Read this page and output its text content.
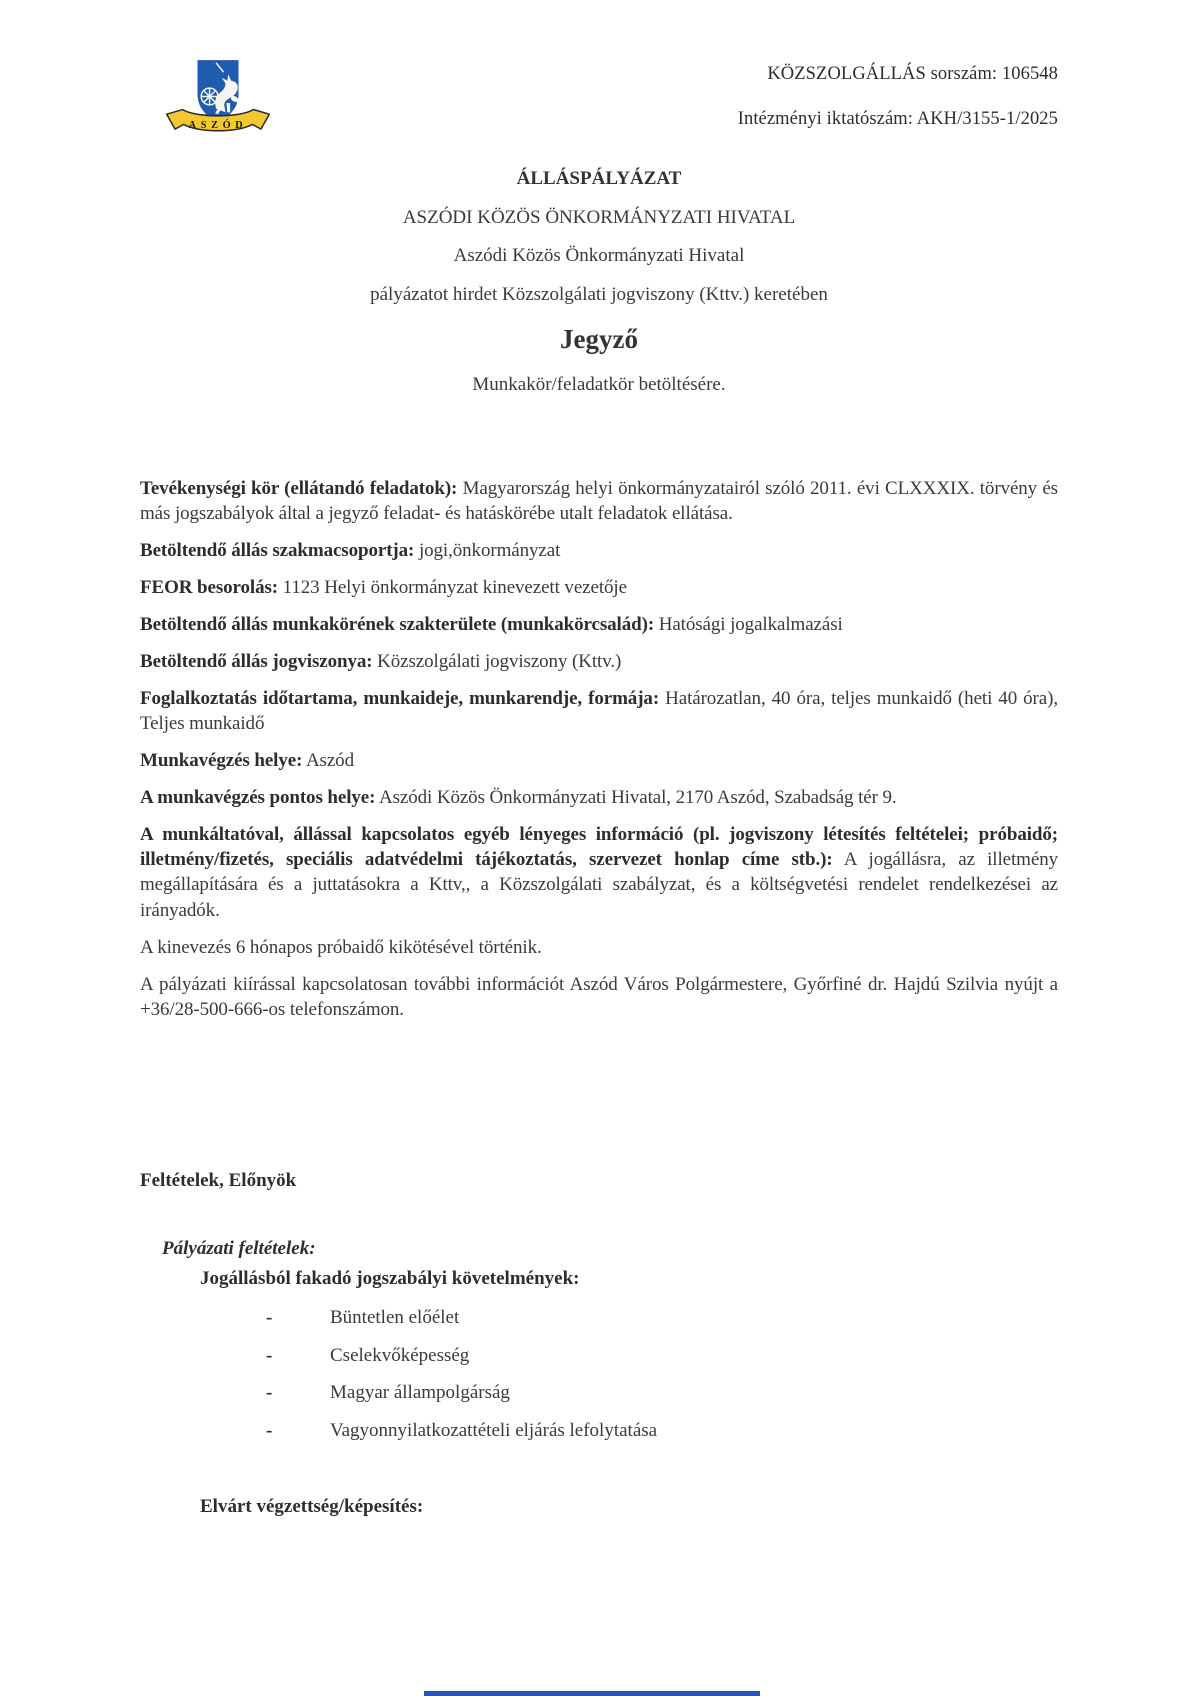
ASZÓD

KÖZSZOLGÁLLÁS sorszám: 106548

Intézményi iktatószám: AKH/3155-1/2025

ÁLLÁSPÁLYÁZAT

ASZÓDI KÖZÖS ÖNKORMÁNYZATI HIVATAL

Aszódi Közös Önkormányzati Hivatal

pályázatot hirdet Közszolgálati jogviszony (Kttv.) keretében

Jegyző

Munkakör/feladatkör betöltésére.

Tevékenységi kör (ellátandó feladatok): Magyarország helyi önkormányzatairól szóló 2011. évi CLXXXIX. törvény és más jogszabályok által a jegyző feladat- és hatáskörébe utalt feladatok ellátása.

Betöltendő állás szakmacsoportja: jogi,önkormányzat

FEOR besorolás: 1123 Helyi önkormányzat kinevezett vezetője

Betöltendő állás munkakörének szakterülete (munkakörcsalád): Hatósági jogalkalmazási

Betöltendő állás jogviszonya: Közszolgálati jogviszony (Kttv.)

Foglalkoztatás időtartama, munkaideje, munkarendje, formája: Határozatlan, 40 óra, teljes munkaidő (heti 40 óra), Teljes munkaidő

Munkavégzés helye: Aszód

A munkavégzés pontos helye: Aszódi Közös Önkormányzati Hivatal, 2170 Aszód, Szabadság tér 9.

A munkáltatóval, állással kapcsolatos egyéb lényeges információ (pl. jogviszony létesítés feltételei; próbaidő; illetmény/fizetés, speciális adatvédelmi tájékoztatás, szervezet honlap címe stb.): A jogállásra, az illetmény megállapítására és a juttatásokra a Kttv,, a Közszolgálati szabályzat, és a költségvetési rendelet rendelkezései az irányadók.

A kinevezés 6 hónapos próbaidő kikötésével történik.

A pályázati kiírással kapcsolatosan további információt Aszód Város Polgármestere, Győrfiné dr. Hajdú Szilvia nyújt a +36/28-500-666-os telefonszámon.

Feltételek, Előnyök

Pályázati feltételek:

Jogállásból fakadó jogszabályi követelmények:

-	Büntetlen előélet
-	Cselekvőképesség
-	Magyar állampolgárság
-	Vagyonnyilatkozattételi eljárás lefolytatása

Elvárt végzettség/képesítés:
